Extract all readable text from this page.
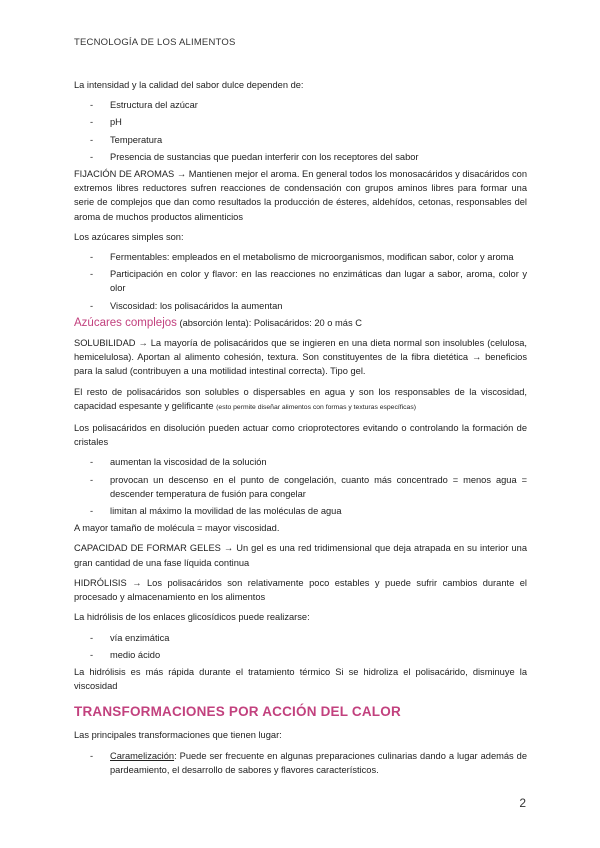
TECNOLOGÍA DE LOS ALIMENTOS

La intensidad y la calidad del sabor dulce dependen de:

- Estructura del azúcar
- pH
- Temperatura
- Presencia de sustancias que puedan interferir con los receptores del sabor

FIJACIÓN DE AROMAS → Mantienen mejor el aroma. En general todos los monosacáridos y disacáridos con extremos libres reductores sufren reacciones de condensación con grupos aminos libres para formar una serie de complejos que dan como resultados la producción de ésteres, aldehídos, cetonas, responsables del aroma de muchos productos alimenticios

Los azúcares simples son:

- Fermentables: empleados en el metabolismo de microorganismos, modifican sabor, color y aroma
- Participación en color y flavor: en las reacciones no enzimáticas dan lugar a sabor, aroma, color y olor
- Viscosidad: los polisacáridos la aumentan

Azúcares complejos (absorción lenta): Polisacáridos: 20 o más C

SOLUBILIDAD → La mayoría de polisacáridos que se ingieren en una dieta normal son insolubles (celulosa, hemicelulosa). Aportan al alimento cohesión, textura. Son constituyentes de la fibra dietética → beneficios para la salud (contribuyen a una motilidad intestinal correcta). Tipo gel.

El resto de polisacáridos son solubles o dispersables en agua y son los responsables de la viscosidad, capacidad espesante y gelificante (esto permite diseñar alimentos con formas y texturas específicas)

Los polisacáridos en disolución pueden actuar como crioprotectores evitando o controlando la formación de cristales

- aumentan la viscosidad de la solución
- provocan un descenso en el punto de congelación, cuanto más concentrado = menos agua = descender temperatura de fusión para congelar
- limitan al máximo la movilidad de las moléculas de agua

A mayor tamaño de molécula = mayor viscosidad.

CAPACIDAD DE FORMAR GELES → Un gel es una red tridimensional que deja atrapada en su interior una gran cantidad de una fase líquida continua

HIDRÓLISIS → Los polisacáridos son relativamente poco estables y puede sufrir cambios durante el procesado y almacenamiento en los alimentos

La hidrólisis de los enlaces glicosídicos puede realizarse:

- vía enzimática
- medio ácido

La hidrólisis es más rápida durante el tratamiento térmico Si se hidroliza el polisacárido, disminuye la viscosidad

TRANSFORMACIONES POR ACCIÓN DEL CALOR

Las principales transformaciones que tienen lugar:

- Caramelización: Puede ser frecuente en algunas preparaciones culinarias dando a lugar además de pardeamiento, el desarrollo de sabores y flavores característicos.
2
